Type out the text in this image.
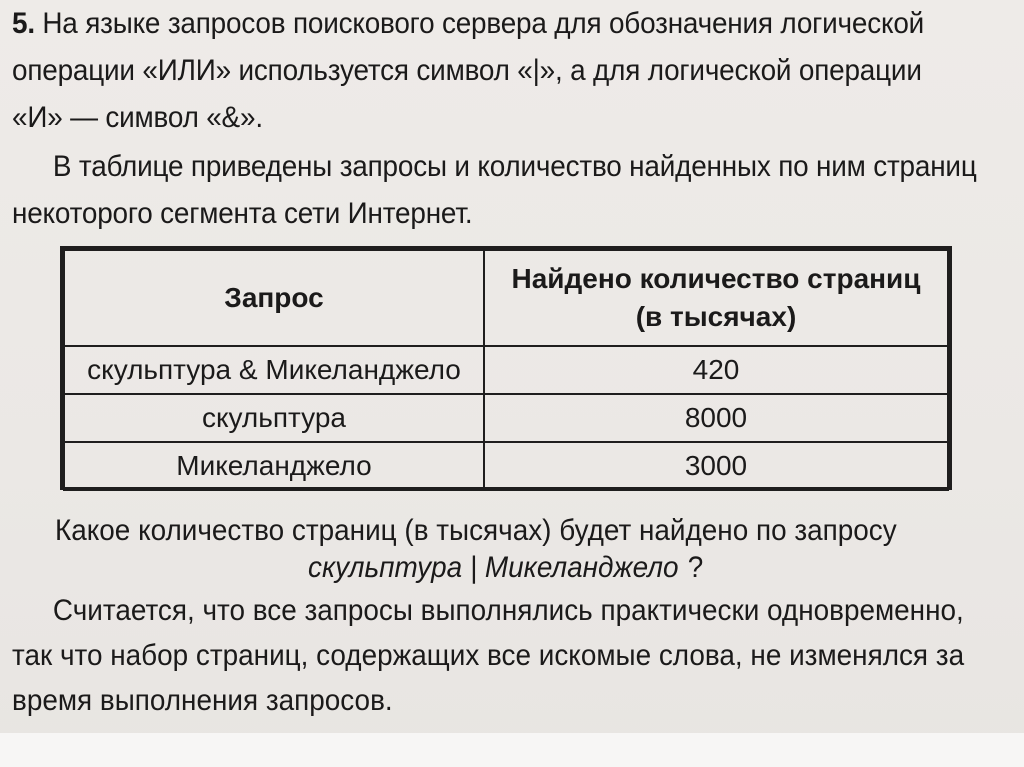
5. На языке запросов поискового сервера для обозначения логической
операции «ИЛИ» используется символ «|», а для логической операции
«И» — символ «&».
В таблице приведены запросы и количество найденных по ним страниц
некоторого сегмента сети Интернет.
Запрос	Найдено количество страниц
(в тысячах)

скульптура & Микеланджело	420
скульптура	8000
Микеланджело	3000
Какое количество страниц (в тысячах) будет найдено по запросу
скульптура | Микеланджело ?
Считается, что все запросы выполнялись практически одновременно,
так что набор страниц, содержащих все искомые слова, не изменялся за
время выполнения запросов.
